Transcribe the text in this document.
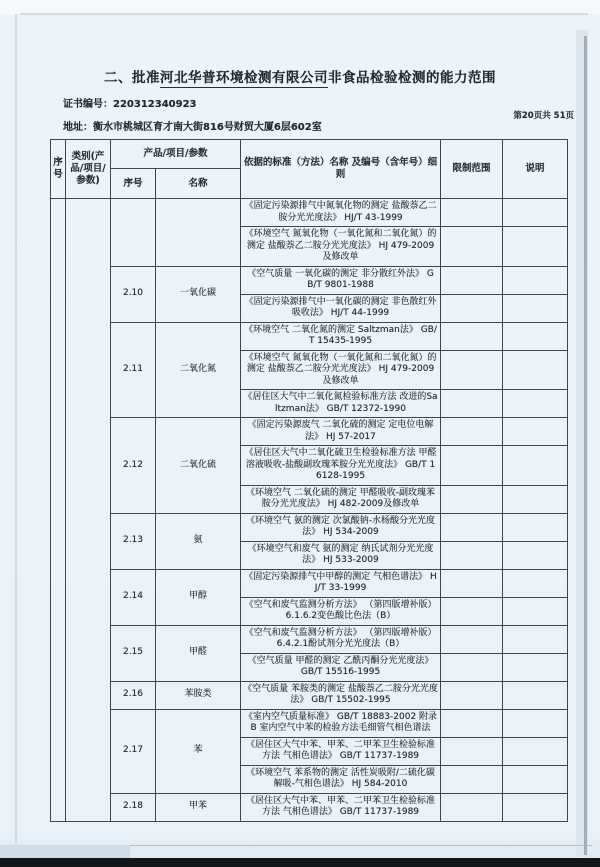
二、批准河北华普环境检测有限公司非食品检验检测的能力范围
证书编号：220312340923
地址：衡水市桃城区育才南大街816号财贸大厦6层602室
第20页共 51页
序号	类别(产品/项目/参数)	产品/项目/参数		依据的标准（方法）名称 及编号（含年号）细则	限制范围	说明
		序号	名称			
				《固定污染源排气中氮氧化物的测定 盐酸萘乙二胺分光光度法》 HJ/T 43-1999		
				《环境空气 氮氧化物（一氧化氮和二氧化氮）的测定 盐酸萘乙二胺分光光度法》 HJ 479-2009及修改单		
		2.10	一氧化碳	《空气质量 一氧化碳的测定 非分散红外法》 GB/T 9801-1988		
				《固定污染源排气中一氧化碳的测定 非色散红外吸收法》 HJ/T 44-1999		
		2.11	二氧化氮	《环境空气 二氧化氮的测定 Saltzman法》 GB/T 15435-1995		
				《环境空气 氮氧化物（一氧化氮和二氧化氮）的测定 盐酸萘乙二胺分光光度法》 HJ 479-2009及修改单		
				《居住区大气中二氧化氮检验标准方法 改进的Saltzman法》 GB/T 12372-1990		
		2.12	二氧化硫	《固定污染源废气 二氧化硫的测定 定电位电解法》 HJ 57-2017		
				《居住区大气中二氧化硫卫生检验标准方法 甲醛溶液吸收-盐酸副玫瑰苯胺分光光度法》 GB/T 16128-1995		
				《环境空气 二氧化硫的测定 甲醛吸收-副玫瑰苯胺分光光度法》 HJ 482-2009及修改单		
		2.13	氨	《环境空气 氨的测定 次氯酸钠-水杨酸分光光度法》 HJ 534-2009		
				《环境空气和废气 氨的测定 纳氏试剂分光光度法》 HJ 533-2009		
		2.14	甲醇	《固定污染源排气中甲醇的测定 气相色谱法》 HJ/T 33-1999		
				《空气和废气监测分析方法》 （第四版增补版） 6.1.6.2变色酸比色法（B）		
		2.15	甲醛	《空气和废气监测分析方法》 （第四版增补版） 6.4.2.1酚试剂分光光度法（B）		
				《空气质量 甲醛的测定 乙酰丙酮分光光度法》 GB/T 15516-1995		
		2.16	苯胺类	《空气质量 苯胺类的测定 盐酸萘乙二胺分光光度法》 GB/T 15502-1995		
		2.17	苯	《室内空气质量标准》 GB/T 18883-2002 附录B 室内空气中苯的检验方法毛细管气相色谱法		
				《居住区大气中苯、甲苯、二甲苯卫生检验标准方法 气相色谱法》 GB/T 11737-1989		
				《环境空气 苯系物的测定 活性炭吸附/二硫化碳解吸-气相色谱法》 HJ 584-2010		
		2.18	甲苯	《居住区大气中苯、甲苯、二甲苯卫生检验标准方法 气相色谱法》 GB/T 11737-1989		
